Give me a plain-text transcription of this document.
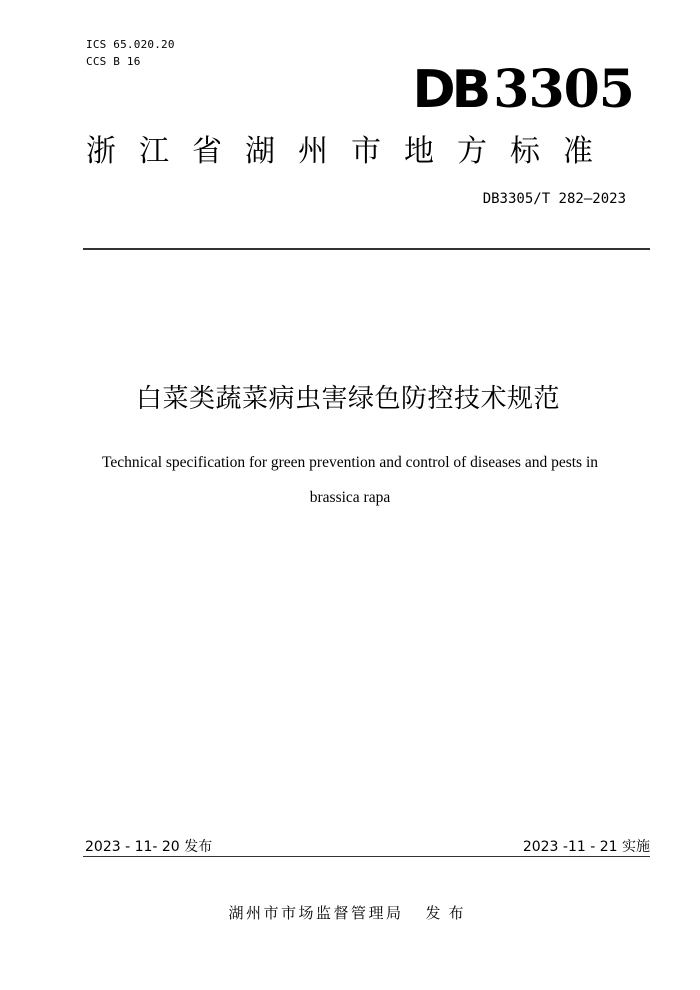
ICS 65.020.20
CCS B 16	DB 3305
浙江省湖州市地方标准
DB3305/T 282—2023
白菜类蔬菜病虫害绿色防控技术规范
Technical specification for green prevention and control of diseases and pests in
brassica rapa
2023 - 11- 20 发布	2023 -11 - 21 实施
湖州市市场监督管理局 发布
